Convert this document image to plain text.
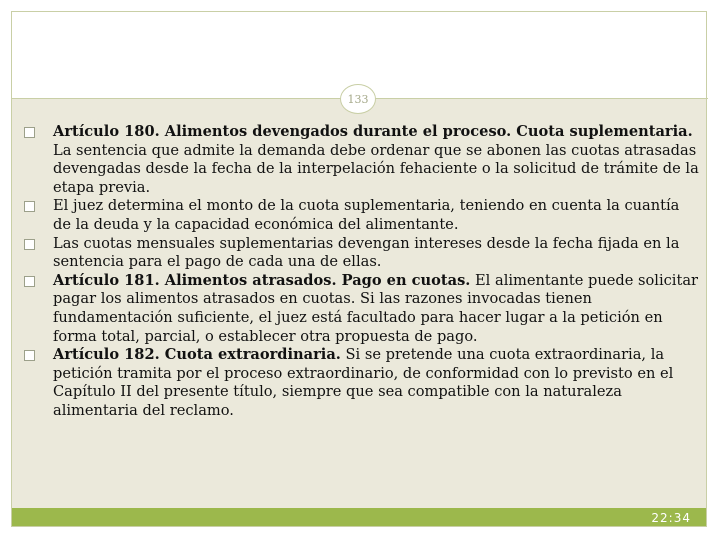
22:34
133
Artículo 180. Alimentos devengados durante el proceso. Cuota suplementaria. La sentencia que admite la demanda debe ordenar que se abonen las cuotas atrasadas devengadas desde la fecha de la interpelación fehaciente o la solicitud de trámite de la etapa previa.
El juez determina el monto de la cuota suplementaria, teniendo en cuenta la cuantía de la deuda y la capacidad económica del alimentante.
Las cuotas mensuales suplementarias devengan intereses desde la fecha fijada en la sentencia para el pago de cada una de ellas.
Artículo 181. Alimentos atrasados. Pago en cuotas. El alimentante puede solicitar pagar los alimentos atrasados en cuotas. Si las razones invocadas tienen fundamentación suficiente, el juez está facultado para hacer lugar a la petición en forma total, parcial, o establecer otra propuesta de pago.
Artículo 182. Cuota extraordinaria. Si se pretende una cuota extraordinaria, la petición tramita por el proceso extraordinario, de conformidad con lo previsto en el Capítulo II del presente título, siempre que sea compatible con la naturaleza alimentaria del reclamo.
